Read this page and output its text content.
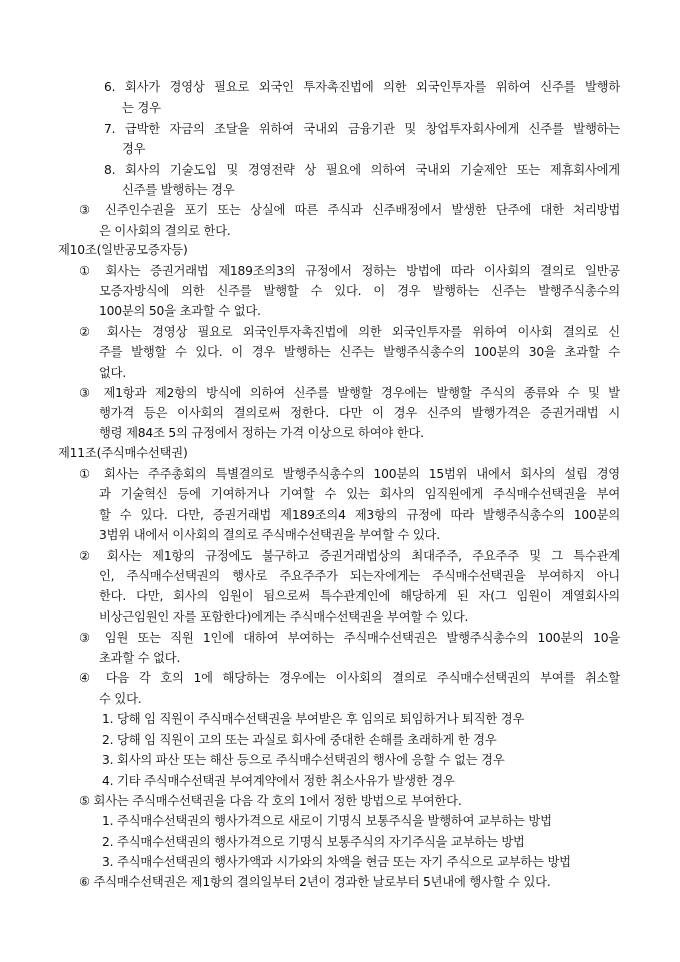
6. 회사가 경영상 필요로 외국인 투자촉진법에 의한 외국인투자를 위하여 신주를 발행하
는 경우
7. 급박한 자금의 조달을 위하여 국내외 금융기관 및 창업투자회사에게 신주를 발행하는
경우
8. 회사의 기술도입 및 경영전략 상 필요에 의하여 국내외 기술제안 또는 제휴회사에게
신주를 발행하는 경우
③ 신주인수권을 포기 또는 상실에 따른 주식과 신주배정에서 발생한 단주에 대한 처리방법
은 이사회의 결의로 한다.
제10조(일반공모증자등)
① 회사는 증권거래법 제189조의3의 규정에서 정하는 방법에 따라 이사회의 결의로 일반공
모증자방식에 의한 신주를 발행할 수 있다. 이 경우 발행하는 신주는 발행주식총수의
100분의 50을 초과할 수 없다.
② 회사는 경영상 필요로 외국인투자촉진법에 의한 외국인투자를 위하여 이사회 결의로 신
주를 발행할 수 있다. 이 경우 발행하는 신주는 발행주식총수의 100분의 30을 초과할 수
없다.
③ 제1항과 제2항의 방식에 의하여 신주를 발행할 경우에는 발행할 주식의 종류와 수 및 발
행가격 등은 이사회의 결의로써 정한다. 다만 이 경우 신주의 발행가격은 증권거래법 시
행령 제84조 5의 규정에서 정하는 가격 이상으로 하여야 한다.
제11조(주식매수선택권)
① 회사는 주주총회의 특별결의로 발행주식총수의 100분의 15범위 내에서 회사의 설립 경영
과 기술혁신 등에 기여하거나 기여할 수 있는 회사의 임직원에게 주식매수선택권을 부여
할 수 있다. 다만, 증권거래법 제189조의4 제3항의 규정에 따라 발행주식총수의 100분의
3범위 내에서 이사회의 결의로 주식매수선택권을 부여할 수 있다.
② 회사는 제1항의 규정에도 불구하고 증권거래법상의 최대주주, 주요주주 및 그 특수관계
인, 주식매수선택권의 행사로 주요주주가 되는자에게는 주식매수선택권을 부여하지 아니
한다. 다만, 회사의 임원이 됨으로써 특수관계인에 해당하게 된 자(그 임원이 계열회사의
비상근임원인 자를 포함한다)에게는 주식매수선택권을 부여할 수 있다.
③ 임원 또는 직원 1인에 대하여 부여하는 주식매수선택권은 발행주식총수의 100분의 10을
초과할 수 없다.
④ 다음 각 호의 1에 해당하는 경우에는 이사회의 결의로 주식매수선택권의 부여를 취소할
수 있다.
1. 당해 임 직원이 주식매수선택권을 부여받은 후 임의로 퇴임하거나 퇴직한 경우
2. 당해 임 직원이 고의 또는 과실로 회사에 중대한 손해를 초래하게 한 경우
3. 회사의 파산 또는 해산 등으로 주식매수선택권의 행사에 응할 수 없는 경우
4. 기타 주식매수선택권 부여계약에서 정한 취소사유가 발생한 경우
⑤ 회사는 주식매수선택권을 다음 각 호의 1에서 정한 방법으로 부여한다.
1. 주식매수선택권의 행사가격으로 새로이 기명식 보통주식을 발행하여 교부하는 방법
2. 주식매수선택권의 행사가격으로 기명식 보통주식의 자기주식을 교부하는 방법
3. 주식매수선택권의 행사가액과 시가와의 차액을 현금 또는 자기 주식으로 교부하는 방법
⑥ 주식매수선택권은 제1항의 결의일부터 2년이 경과한 날로부터 5년내에 행사할 수 있다.
